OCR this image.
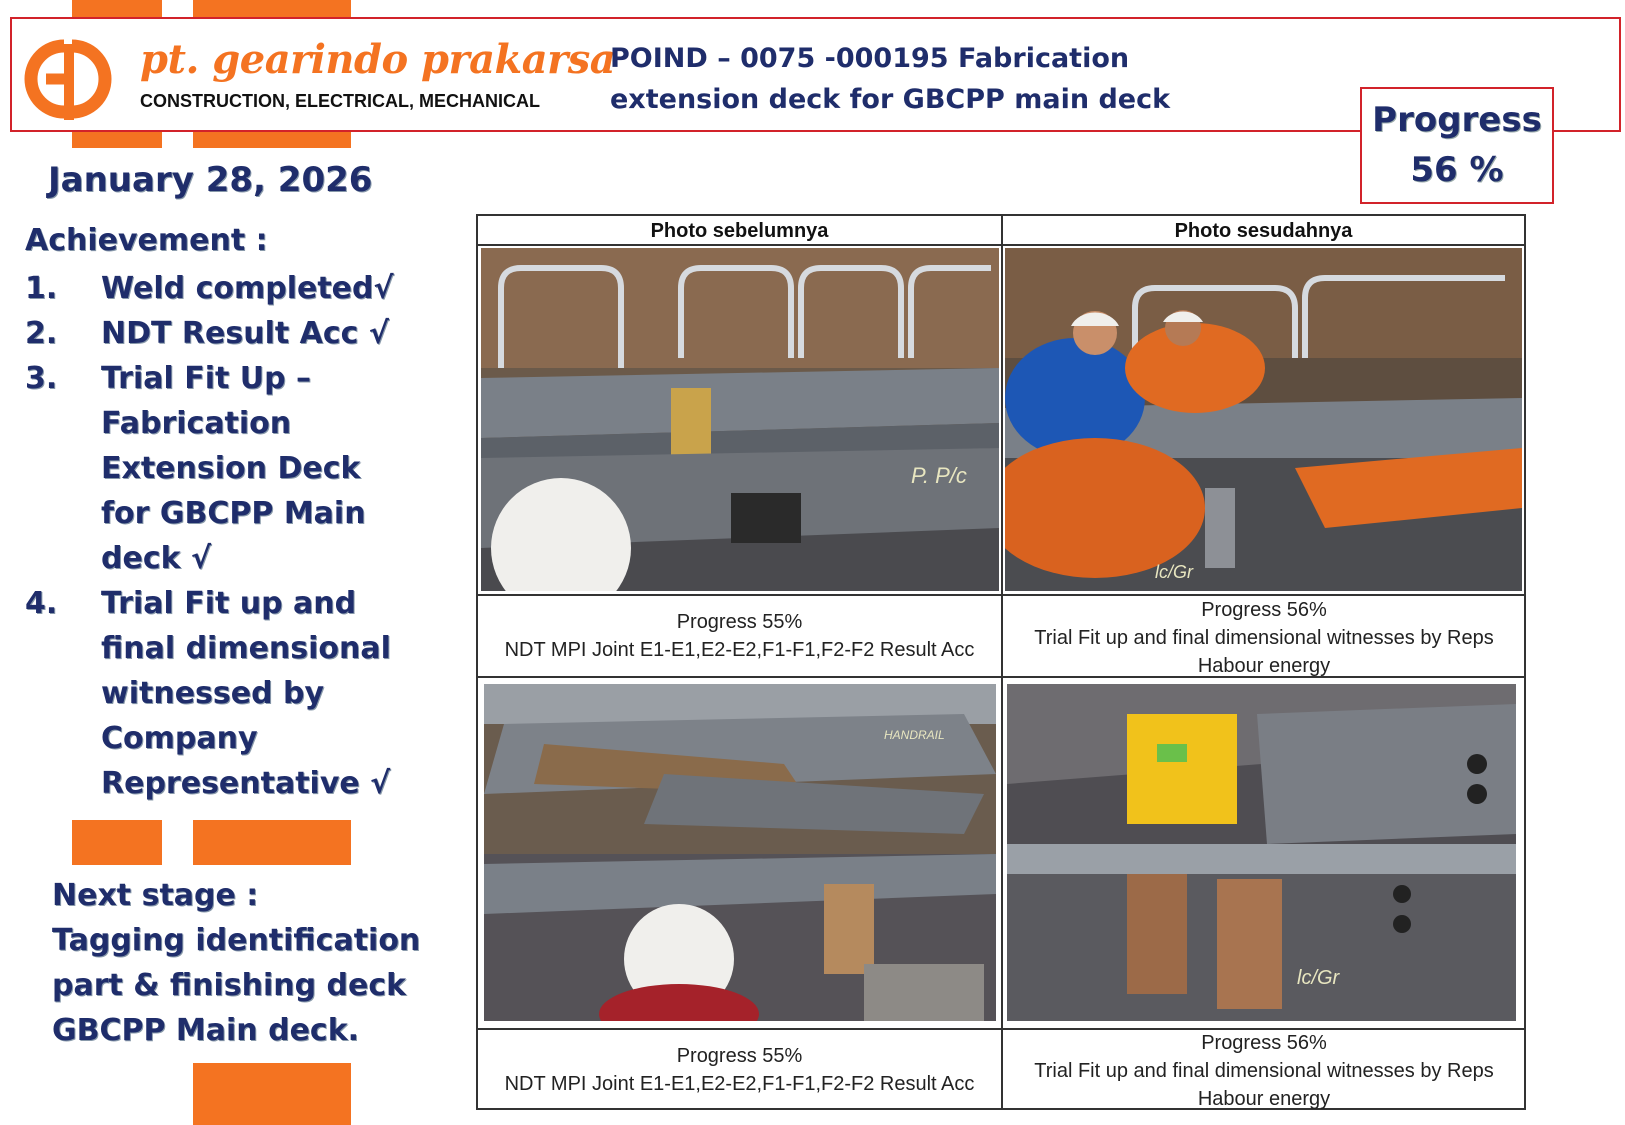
pt. gearindo prakarsa
CONSTRUCTION, ELECTRICAL, MECHANICAL
POIND – 0075 -000195 Fabrication
extension deck for GBCPP main deck
Progress
56 %
January 28, 2026
Achievement :
1. Weld completed√
2. NDT Result Acc √
3. Trial Fit Up – Fabrication Extension Deck for GBCPP Main deck √
4. Trial Fit up and final dimensional witnessed by Company Representative √
Next stage :
Tagging identification part & finishing deck GBCPP Main deck.
Photo sebelumnya	Photo sesudahnya
P. P/c
lc/Gr
Progress 55%
NDT MPI Joint E1-E1,E2-E2,F1-F1,F2-F2 Result Acc
Progress 56%
Trial Fit up and final dimensional witnesses by Reps Habour energy
HANDRAIL
lc/Gr
Progress 55%
NDT MPI Joint E1-E1,E2-E2,F1-F1,F2-F2 Result Acc
Progress 56%
Trial Fit up and final dimensional witnesses by Reps Habour energy
